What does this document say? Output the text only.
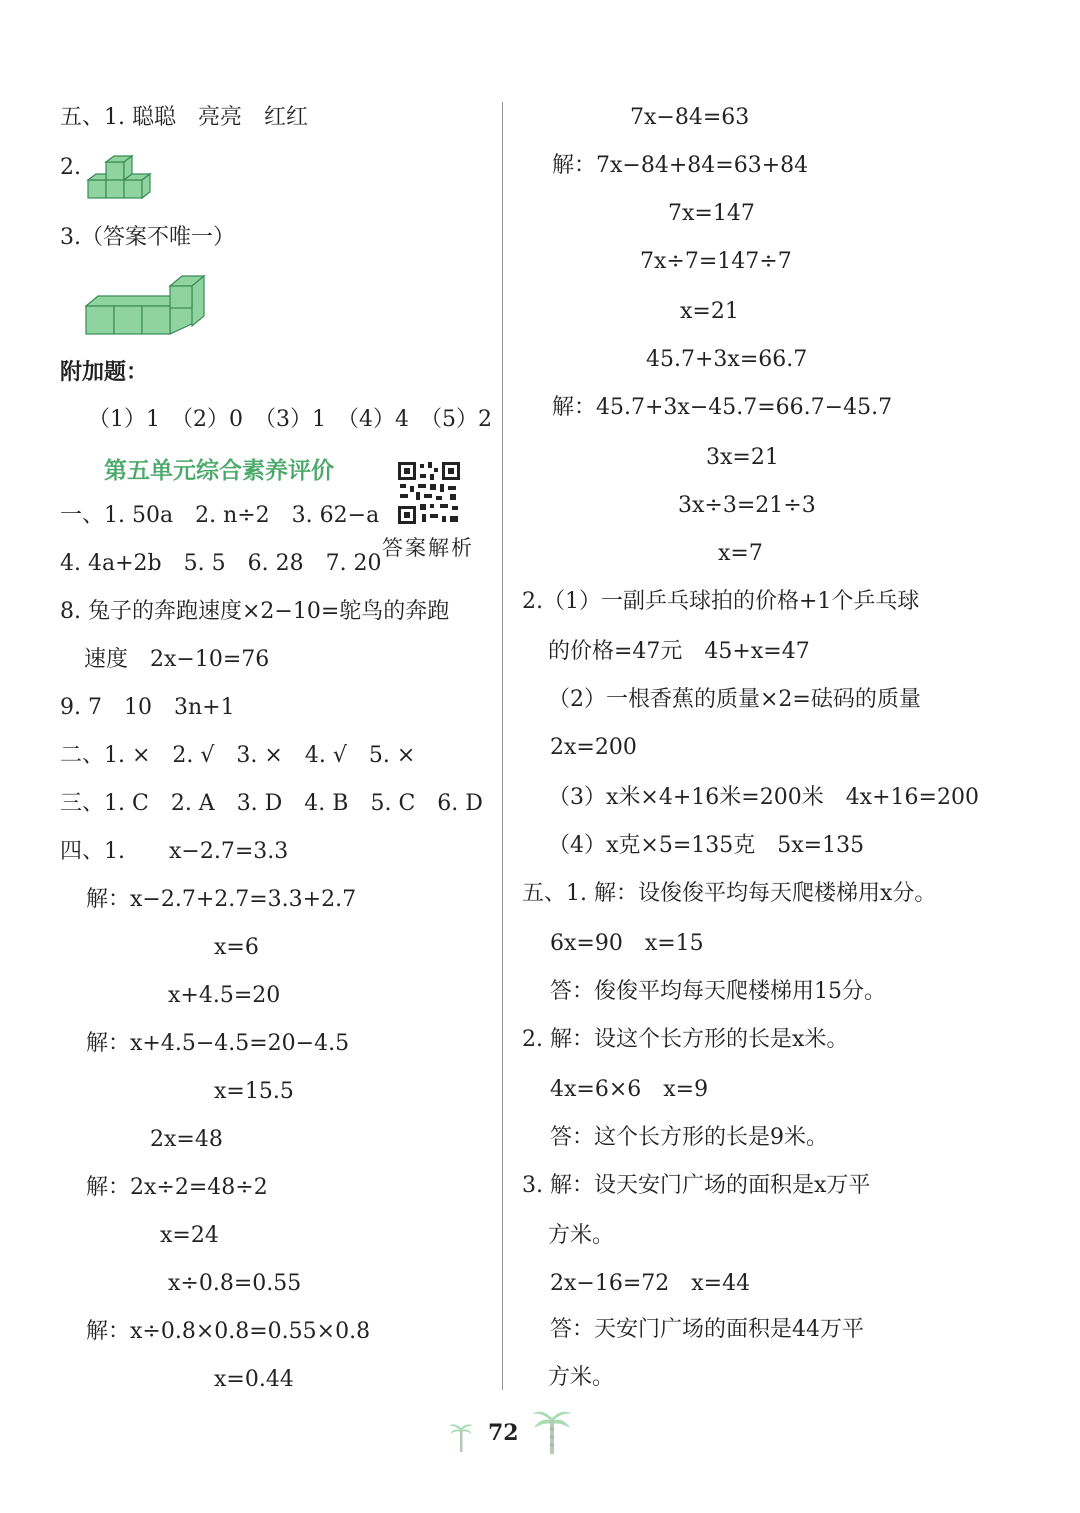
五、1. 聪聪　亮亮　红红
2.
3.（答案不唯一）
附加题：
（1）1　（2）0　（3）1　（4）4　（5）2
第五单元综合素养评价
答案解析
一、1. 50a　2. n÷2　3. 62−a
4. 4a+2b　5. 5　6. 28　7. 20
8. 兔子的奔跑速度×2−10=鸵鸟的奔跑
速度　2x−10=76
9. 7　10　3n+1
二、1. ×　2. √　3. ×　4. √　5. ×
三、1. C　2. A　3. D　4. B　5. C　6. D
四、1.　　x−2.7=3.3
解：x−2.7+2.7=3.3+2.7
x=6
x+4.5=20
解：x+4.5−4.5=20−4.5
x=15.5
2x=48
解：2x÷2=48÷2
x=24
x÷0.8=0.55
解：x÷0.8×0.8=0.55×0.8
x=0.44
7x−84=63
解：7x−84+84=63+84
7x=147
7x÷7=147÷7
x=21
45.7+3x=66.7
解：45.7+3x−45.7=66.7−45.7
3x=21
3x÷3=21÷3
x=7
2.（1）一副乒乓球拍的价格+1个乒乓球
的价格=47元　45+x=47
（2）一根香蕉的质量×2=砝码的质量
2x=200
（3）x米×4+16米=200米　4x+16=200
（4）x克×5=135克　5x=135
五、1. 解：设俊俊平均每天爬楼梯用x分。
6x=90　x=15
答：俊俊平均每天爬楼梯用15分。
2. 解：设这个长方形的长是x米。
4x=6×6　x=9
答：这个长方形的长是9米。
3. 解：设天安门广场的面积是x万平
方米。
2x−16=72　x=44
答：天安门广场的面积是44万平
方米。
72
